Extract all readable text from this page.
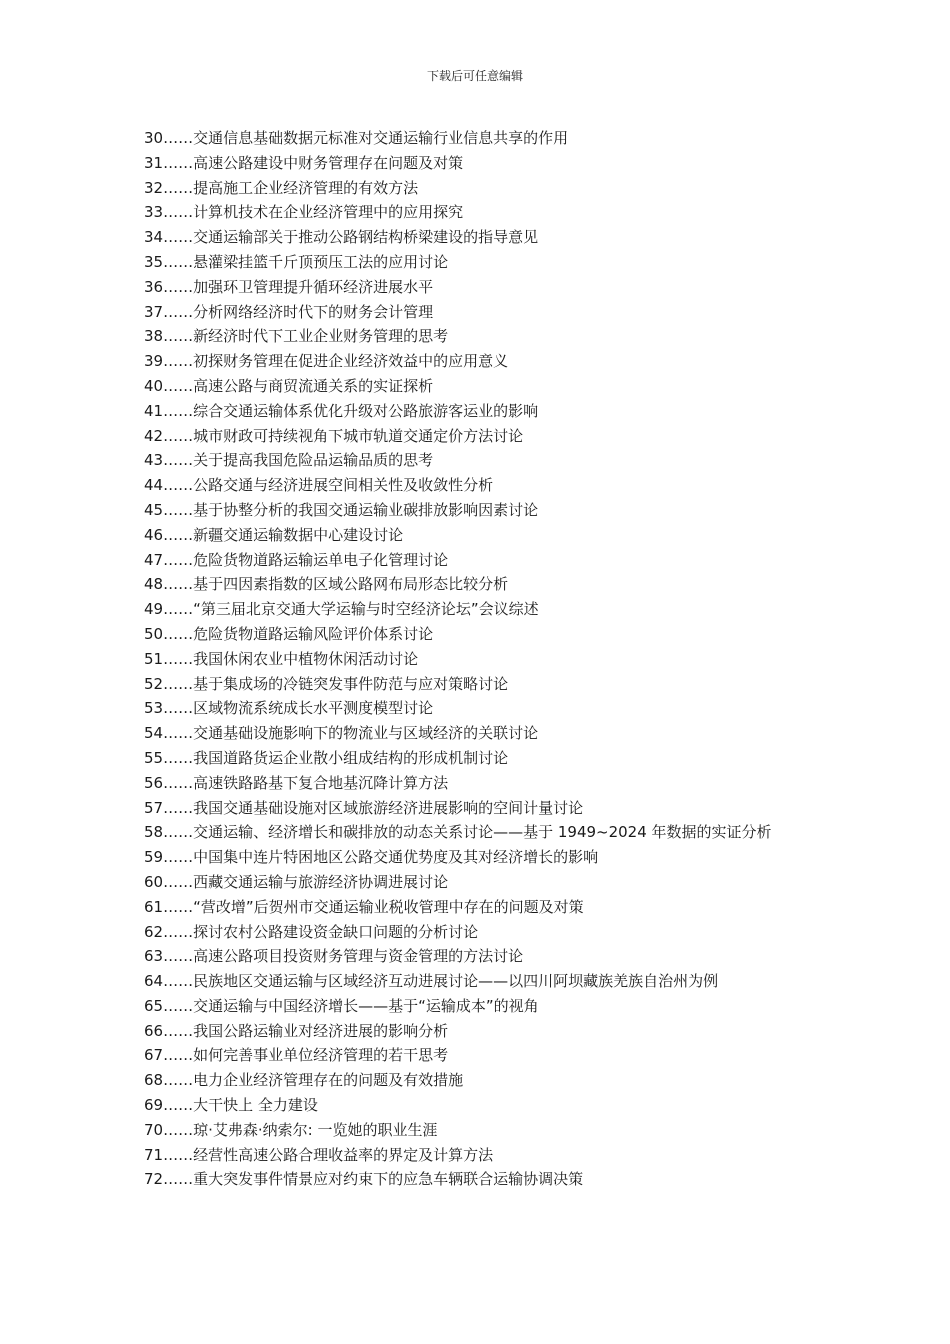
下载后可任意编辑
30……交通信息基础数据元标准对交通运输行业信息共享的作用
31……高速公路建设中财务管理存在问题及对策
32……提高施工企业经济管理的有效方法
33……计算机技术在企业经济管理中的应用探究
34……交通运输部关于推动公路钢结构桥梁建设的指导意见
35……悬灌梁挂篮千斤顶预压工法的应用讨论
36……加强环卫管理提升循环经济进展水平
37……分析网络经济时代下的财务会计管理
38……新经济时代下工业企业财务管理的思考
39……初探财务管理在促进企业经济效益中的应用意义
40……高速公路与商贸流通关系的实证探析
41……综合交通运输体系优化升级对公路旅游客运业的影响
42……城市财政可持续视角下城市轨道交通定价方法讨论
43……关于提高我国危险品运输品质的思考
44……公路交通与经济进展空间相关性及收敛性分析
45……基于协整分析的我国交通运输业碳排放影响因素讨论
46……新疆交通运输数据中心建设讨论
47……危险货物道路运输运单电子化管理讨论
48……基于四因素指数的区域公路网布局形态比较分析
49……“第三届北京交通大学运输与时空经济论坛”会议综述
50……危险货物道路运输风险评价体系讨论
51……我国休闲农业中植物休闲活动讨论
52……基于集成场的冷链突发事件防范与应对策略讨论
53……区域物流系统成长水平测度模型讨论
54……交通基础设施影响下的物流业与区域经济的关联讨论
55……我国道路货运企业散小组成结构的形成机制讨论
56……高速铁路路基下复合地基沉降计算方法
57……我国交通基础设施对区域旅游经济进展影响的空间计量讨论
58……交通运输、经济增长和碳排放的动态关系讨论——基于 1949~2024 年数据的实证分析
59……中国集中连片特困地区公路交通优势度及其对经济增长的影响
60……西藏交通运输与旅游经济协调进展讨论
61……“营改增”后贺州市交通运输业税收管理中存在的问题及对策
62……探讨农村公路建设资金缺口问题的分析讨论
63……高速公路项目投资财务管理与资金管理的方法讨论
64……民族地区交通运输与区域经济互动进展讨论——以四川阿坝藏族羌族自治州为例
65……交通运输与中国经济增长——基于“运输成本”的视角
66……我国公路运输业对经济进展的影响分析
67……如何完善事业单位经济管理的若干思考
68……电力企业经济管理存在的问题及有效措施
69……大干快上 全力建设
70……琼·艾弗森·纳索尔: 一览她的职业生涯
71……经营性高速公路合理收益率的界定及计算方法
72……重大突发事件情景应对约束下的应急车辆联合运输协调决策
